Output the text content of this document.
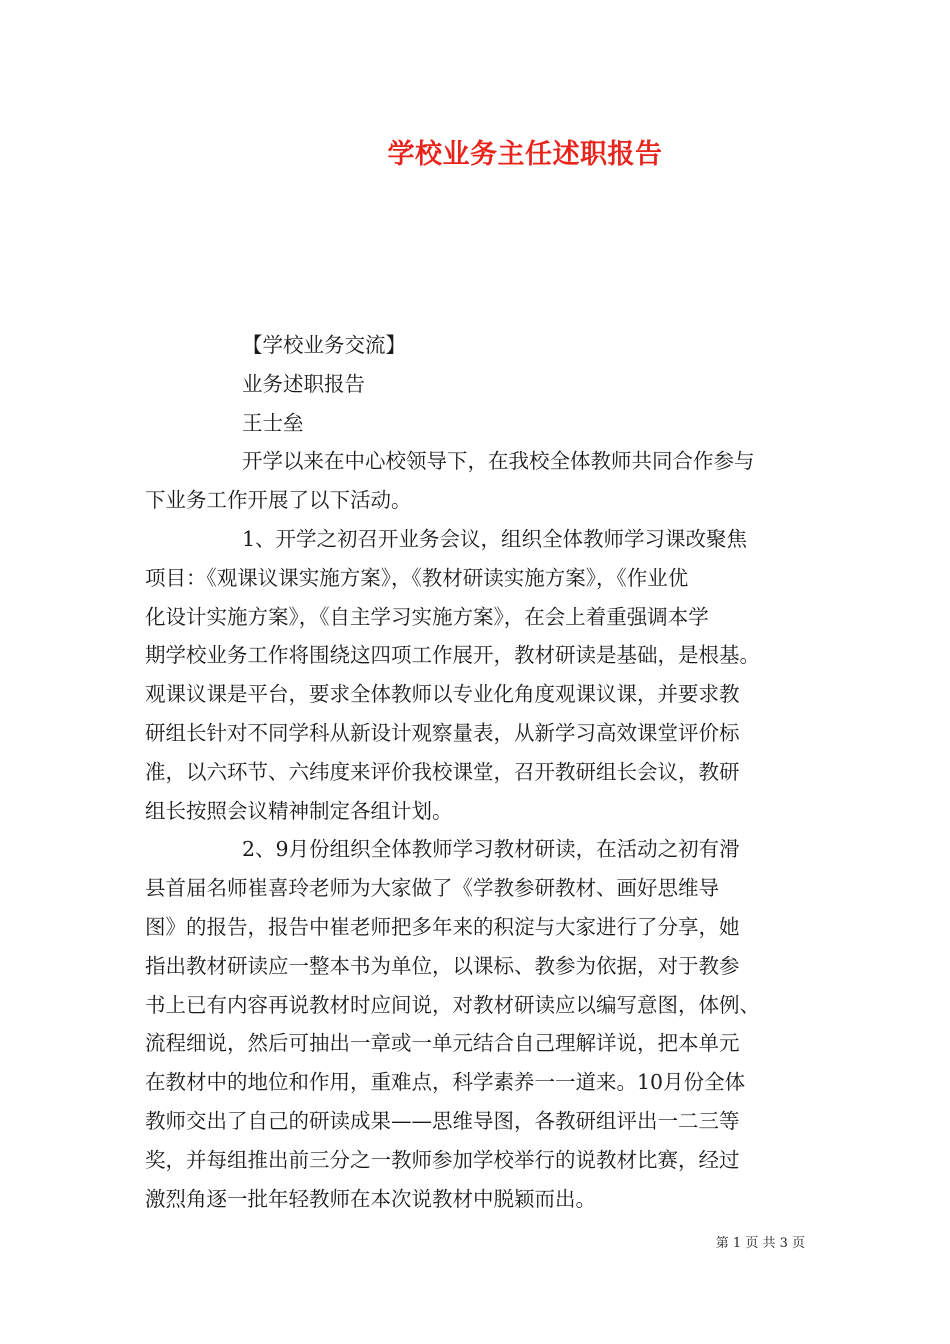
学校业务主任述职报告
【学校业务交流】
业务述职报告
王士垒
开学以来在中心校领导下，在我校全体教师共同合作参与
下业务工作开展了以下活动。
1、开学之初召开业务会议，组织全体教师学习课改聚焦
项目：《观课议课实施方案》，《教材研读实施方案》，《作业优
化设计实施方案》，《自主学习实施方案》，在会上着重强调本学
期学校业务工作将围绕这四项工作展开，教材研读是基础，是根基。
观课议课是平台，要求全体教师以专业化角度观课议课，并要求教
研组长针对不同学科从新设计观察量表，从新学习高效课堂评价标
准，以六环节、六纬度来评价我校课堂，召开教研组长会议，教研
组长按照会议精神制定各组计划。
2、9月份组织全体教师学习教材研读，在活动之初有滑
县首届名师崔喜玲老师为大家做了《学教参研教材、画好思维导
图》的报告，报告中崔老师把多年来的积淀与大家进行了分享，她
指出教材研读应一整本书为单位，以课标、教参为依据，对于教参
书上已有内容再说教材时应间说，对教材研读应以编写意图，体例、
流程细说，然后可抽出一章或一单元结合自己理解详说，把本单元
在教材中的地位和作用，重难点，科学素养一一道来。10月份全体
教师交出了自己的研读成果——思维导图，各教研组评出一二三等
奖，并每组推出前三分之一教师参加学校举行的说教材比赛，经过
激烈角逐一批年轻教师在本次说教材中脱颖而出。
第 1 页 共 3 页
